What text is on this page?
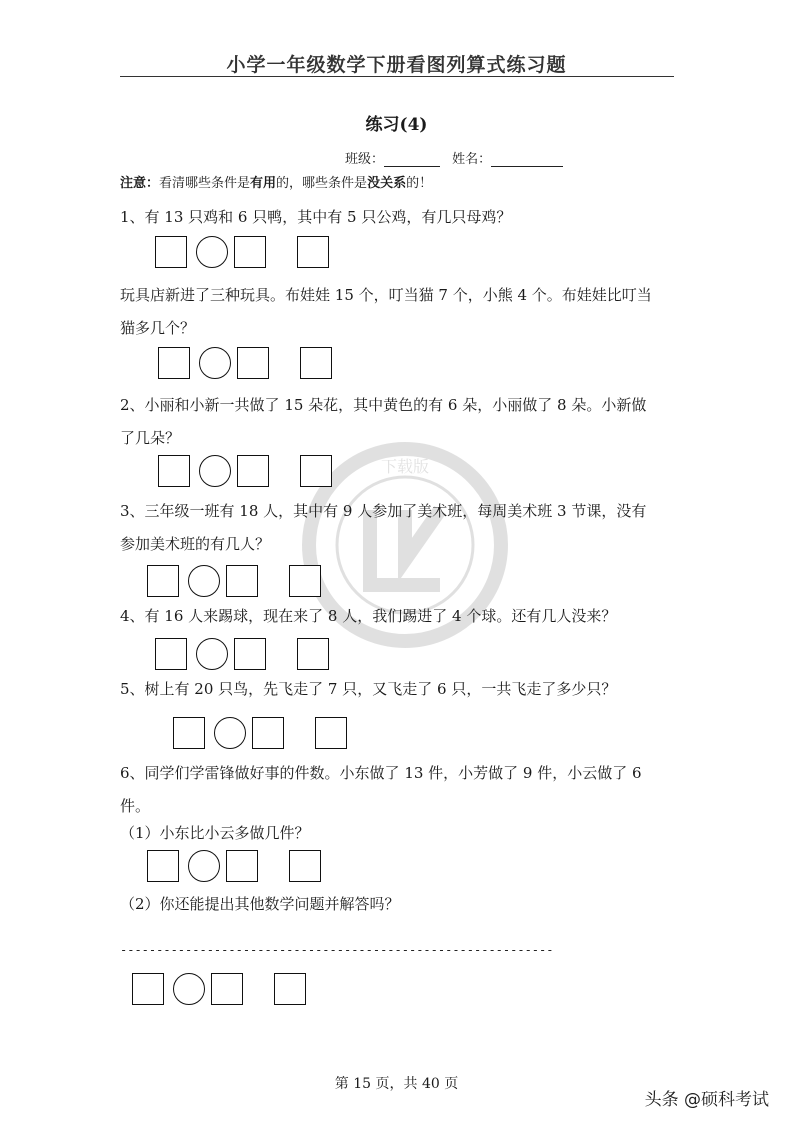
小学一年级数学下册看图列算式练习题
练习(4)
班级：	姓名：
注意：看清哪些条件是有用的，哪些条件是没关系的！
下载版
1、有 13 只鸡和 6 只鸭，其中有 5 只公鸡，有几只母鸡？
玩具店新进了三种玩具。布娃娃 15 个，叮当猫 7 个，小熊 4 个。布娃娃比叮当
猫多几个？
2、小丽和小新一共做了 15 朵花，其中黄色的有 6 朵，小丽做了 8 朵。小新做
了几朵？
3、三年级一班有 18 人，其中有 9 人参加了美术班，每周美术班 3 节课，没有
参加美术班的有几人？
4、有 16 人来踢球，现在来了 8 人，我们踢进了 4 个球。还有几人没来？
5、树上有 20 只鸟，先飞走了 7 只，又飞走了 6 只，一共飞走了多少只？
6、同学们学雷锋做好事的件数。小东做了 13 件，小芳做了 9 件，小云做了 6
件。
（1）小东比小云多做几件？
（2）你还能提出其他数学问题并解答吗？
------------------------------------------------------------
第 15 页，共 40 页
头条 @硕科考试
